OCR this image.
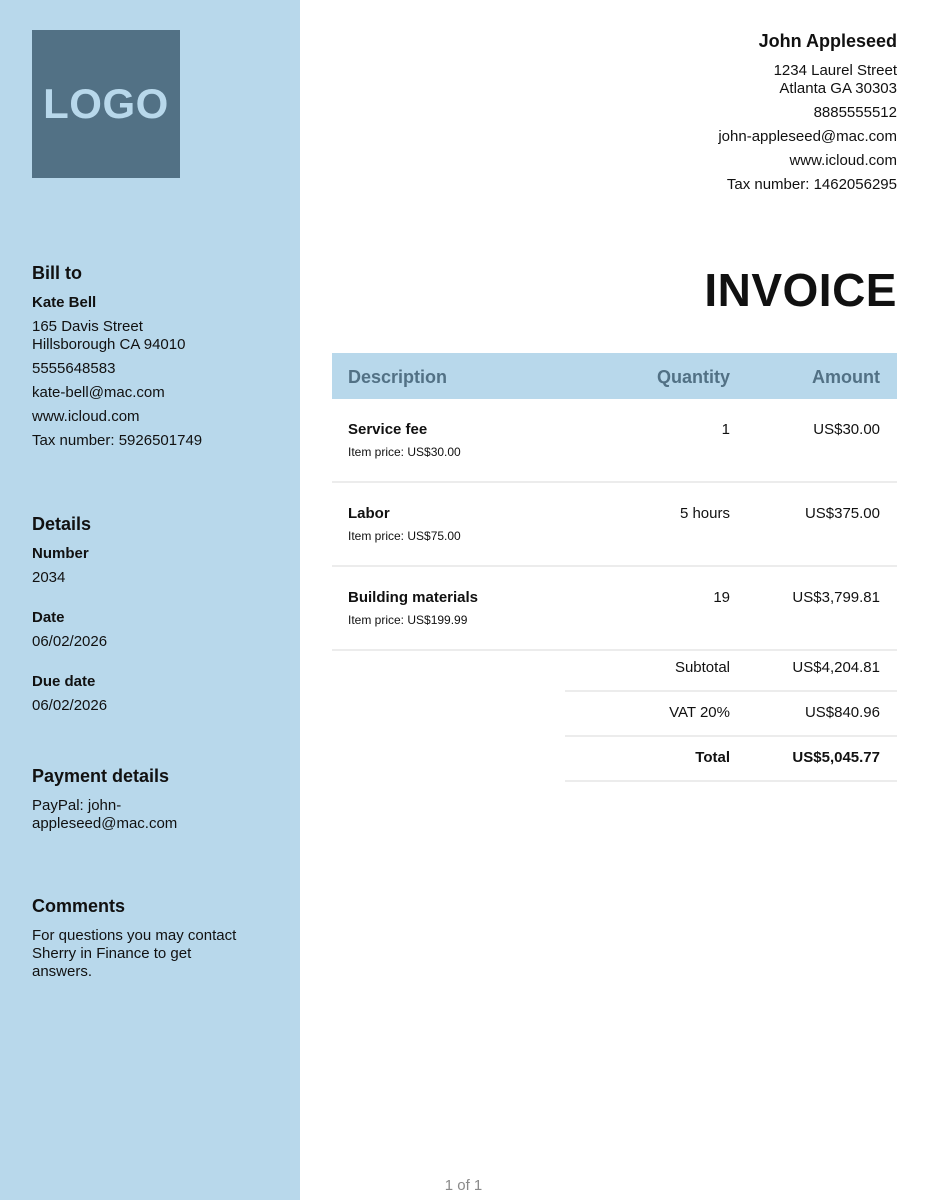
LOGO
Bill to
Kate Bell
165 Davis Street
Hillsborough CA 94010
5555648583
kate-bell@mac.com
www.icloud.com
Tax number: 5926501749
Details
Number
2034
Date
06/02/2026
Due date
06/02/2026
Payment details
PayPal: john-
appleseed@mac.com
Comments
For questions you may contact
Sherry in Finance to get
answers.
John Appleseed
1234 Laurel Street
Atlanta GA 30303
8885555512
john-appleseed@mac.com
www.icloud.com
Tax number: 1462056295
INVOICE
Description	Quantity	Amount
Service fee
Item price: US$30.00
1	US$30.00
Labor
Item price: US$75.00
5 hours	US$375.00
Building materials
Item price: US$199.99
19	US$3,799.81
Subtotal	US$4,204.81
VAT 20%	US$840.96
Total	US$5,045.77
1 of 1
